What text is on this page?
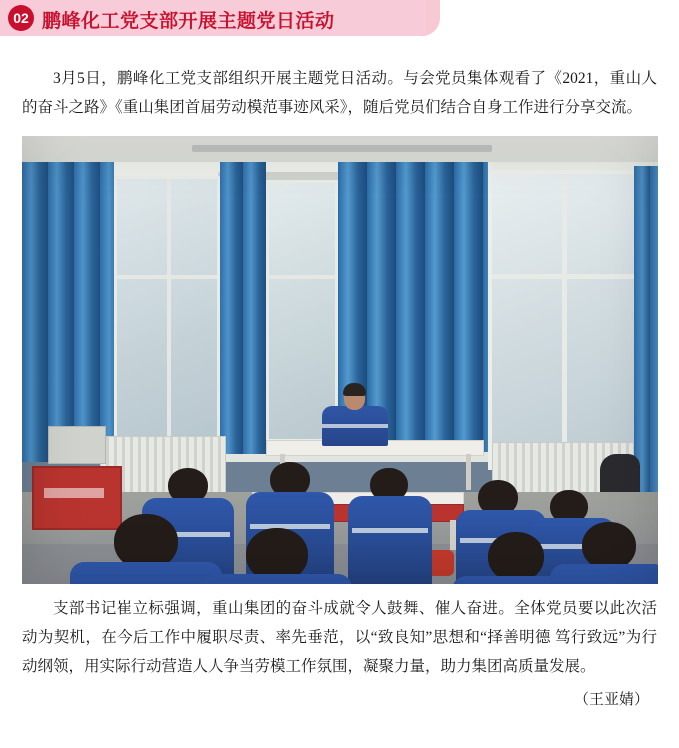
02 鹏峰化工党支部开展主题党日活动

3月5日，鹏峰化工党支部组织开展主题党日活动。与会党员集体观看了《2021，重山人的奋斗之路》《重山集团首届劳动模范事迹风采》，随后党员们结合自身工作进行分享交流。

支部书记崔立标强调，重山集团的奋斗成就令人鼓舞、催人奋进。全体党员要以此次活动为契机，在今后工作中履职尽责、率先垂范，以“致良知”思想和“择善明德 笃行致远”为行动纲领，用实际行动营造人人争当劳模工作氛围，凝聚力量，助力集团高质量发展。

（王亚婧）
